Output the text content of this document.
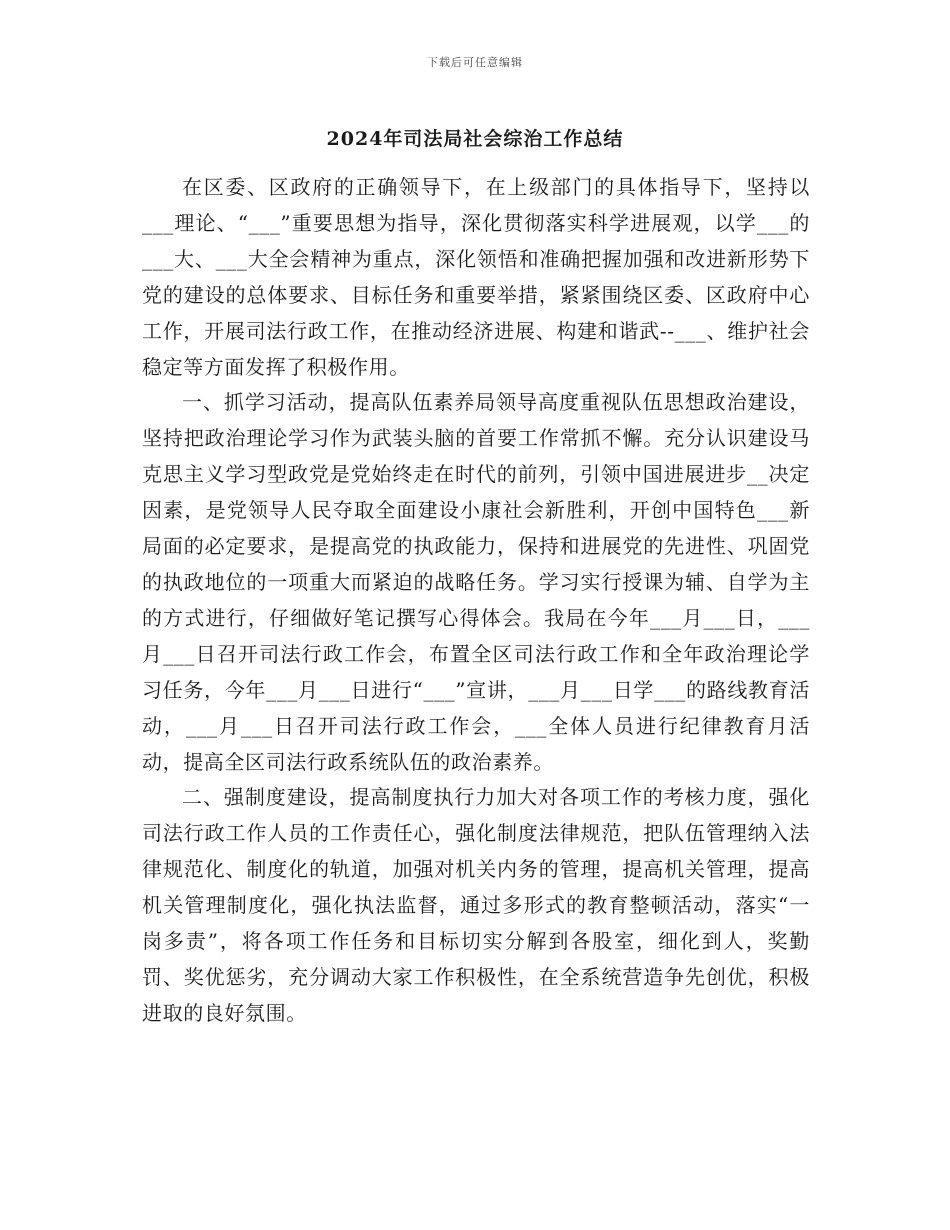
下载后可任意编辑
2024年司法局社会综治工作总结

在区委、区政府的正确领导下，在上级部门的具体指导下，坚持以___理论、“___”重要思想为指导，深化贯彻落实科学进展观，以学___的___大、___大全会精神为重点，深化领悟和准确把握加强和改进新形势下党的建设的总体要求、目标任务和重要举措，紧紧围绕区委、区政府中心工作，开展司法行政工作，在推动经济进展、构建和谐武--___、维护社会稳定等方面发挥了积极作用。

一、抓学习活动，提高队伍素养局领导高度重视队伍思想政治建设，坚持把政治理论学习作为武装头脑的首要工作常抓不懈。充分认识建设马克思主义学习型政党是党始终走在时代的前列，引领中国进展进步__决定因素，是党领导人民夺取全面建设小康社会新胜利，开创中国特色___新局面的必定要求，是提高党的执政能力，保持和进展党的先进性、巩固党的执政地位的一项重大而紧迫的战略任务。学习实行授课为辅、自学为主的方式进行，仔细做好笔记撰写心得体会。我局在今年___月___日，___月___日召开司法行政工作会，布置全区司法行政工作和全年政治理论学习任务，今年___月___日进行“___”宣讲，___月___日学___的路线教育活动，___月___日召开司法行政工作会，___全体人员进行纪律教育月活动，提高全区司法行政系统队伍的政治素养。

二、强制度建设，提高制度执行力加大对各项工作的考核力度，强化司法行政工作人员的工作责任心，强化制度法律规范，把队伍管理纳入法律规范化、制度化的轨道，加强对机关内务的管理，提高机关管理，提高机关管理制度化，强化执法监督，通过多形式的教育整顿活动，落实“一岗多责”，将各项工作任务和目标切实分解到各股室，细化到人，奖勤罚、奖优惩劣，充分调动大家工作积极性，在全系统营造争先创优，积极进取的良好氛围。
